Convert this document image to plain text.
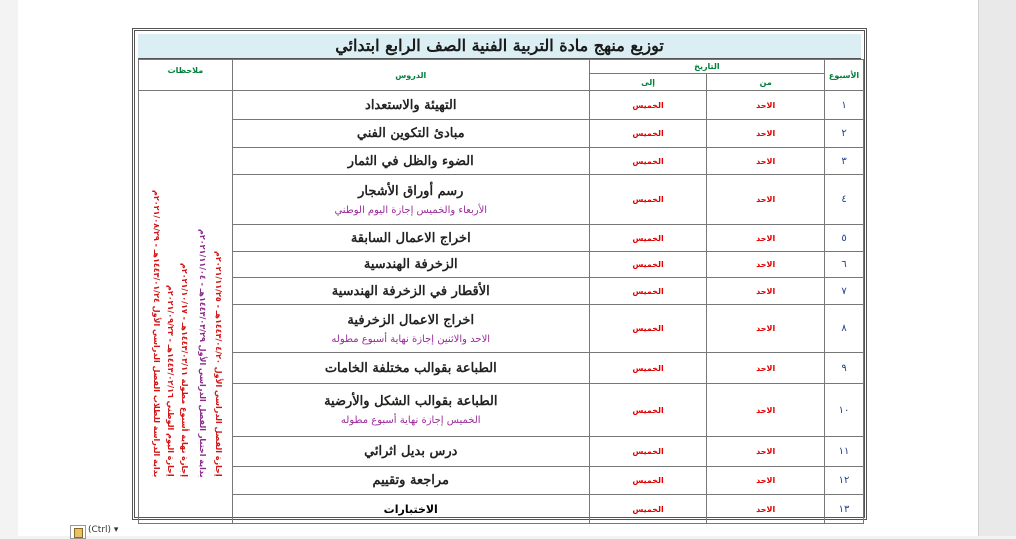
توزيع منهج مادة التربية الفنية الصف الرابع ابتدائي
الأسبوع	التاريخ		الدروس	ملاحظات
	من	إلى		
١	الاحد	الخميس	التهيئة والاستعداد	بداية الدراسة للطلاب الفصل الدراسي الأول ١٤٤٣/٠١/٢٤هـ - ٢٠٢١/٠٨/٢٩م
إجازة اليوم الوطني ١٤٤٣/٠٢/١٦هـ - ٢٠٢١/٠٩/٢٣م
إجازة نهاية أسبوع مطولة ١٤٤٣/٠٣/١١هـ - ٢٠٢١/١٠/١٧م
بداية اختبار الفصل الدراسي الأول ١٤٤٣/٠٣/٢٩هـ - ٢٠٢١/١١/٠٤م
إجازة الفصل الدراسي الأول ١٤٤٣/٠٤/٢٠هـ - ٢٠٢١/١١/٢٥م

٢	الاحد	الخميس	مبادئ التكوين الفني	

٣	الاحد	الخميس	الضوء والظل في الثمار	

٤	الاحد	الخميس	رسم أوراق الأشجار
الأربعاء والخميس إجازة اليوم الوطني	

٥	الاحد	الخميس	اخراج الاعمال السابقة	

٦	الاحد	الخميس	الزخرفة الهندسية	

٧	الاحد	الخميس	الأقطار في الزخرفة الهندسية	

٨	الاحد	الخميس	اخراج الاعمال الزخرفية
الاحد والاثنين إجازة نهاية أسبوع مطوله	

٩	الاحد	الخميس	الطباعة بقوالب مختلفة الخامات	

١٠	الاحد	الخميس	الطباعة بقوالب الشكل والأرضية
الخميس إجازة نهاية أسبوع مطوله	

١١	الاحد	الخميس	درس بديل اثرائي	

١٢	الاحد	الخميس	مراجعة وتقييم	

١٣	الاحد	الخميس	الاختبارات	
(Ctrl) ▾
